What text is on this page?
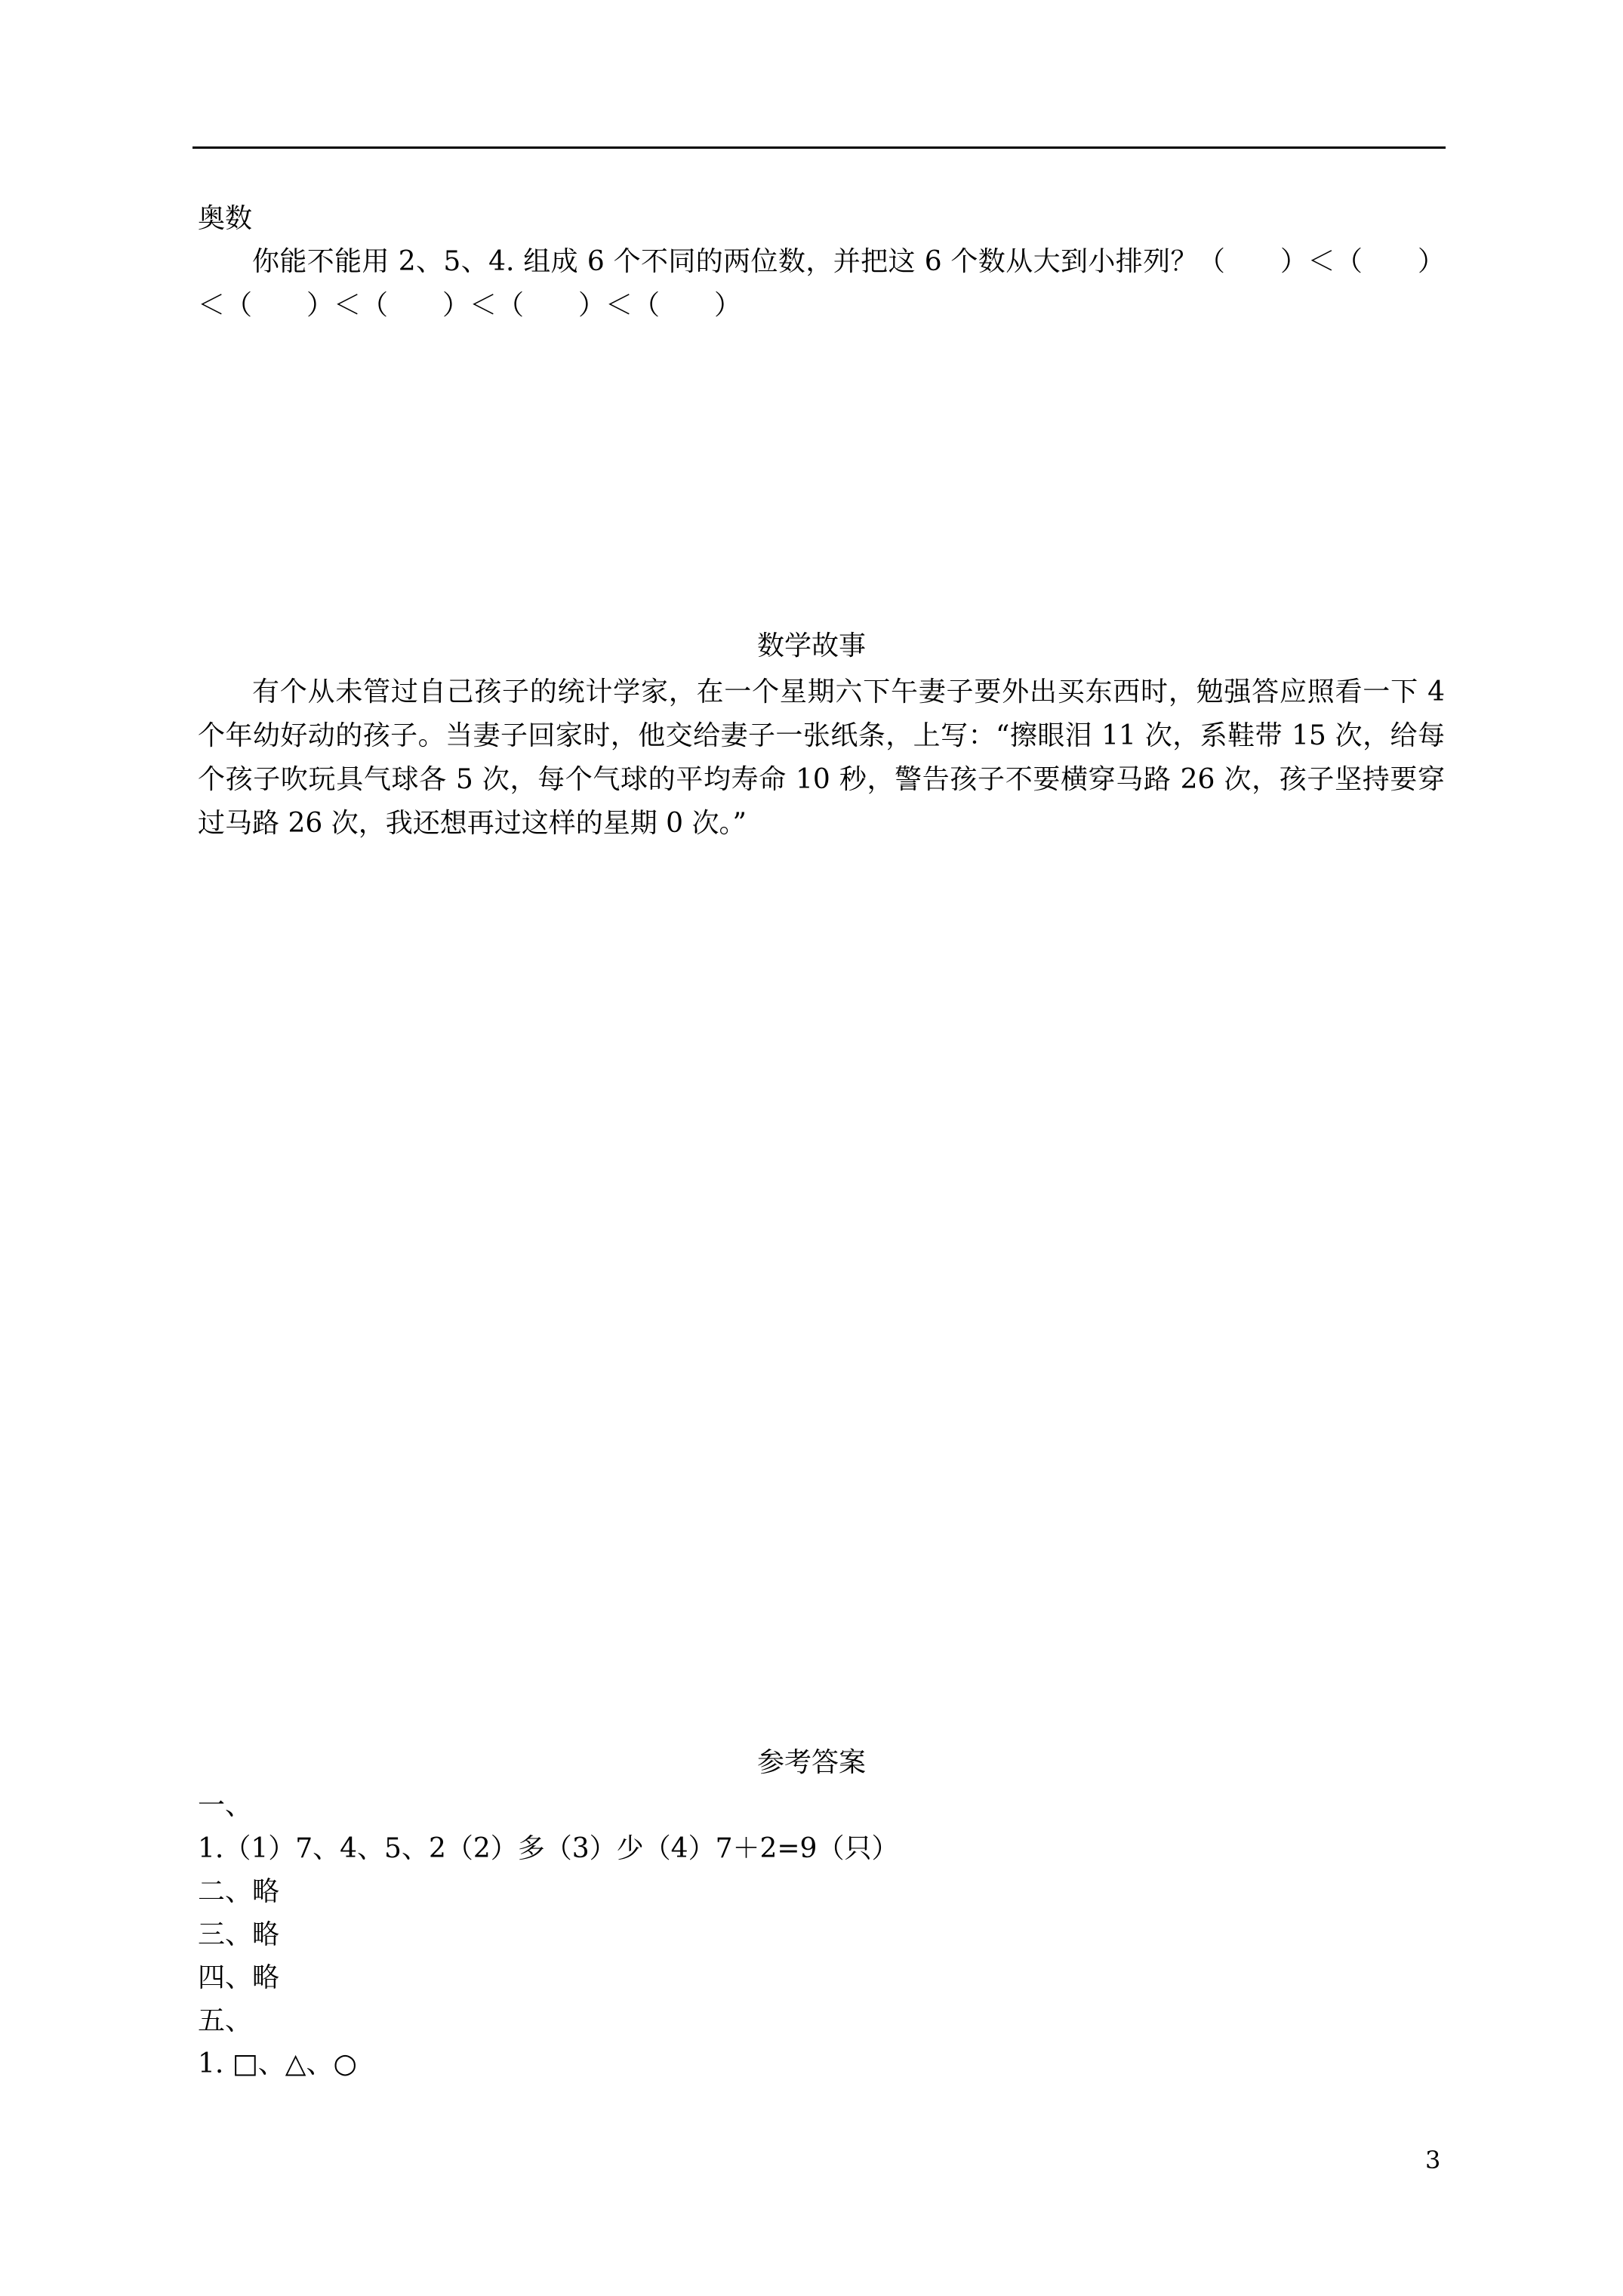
奥数
你能不能用 2、5、4. 组成 6 个不同的两位数，并把这 6 个数从大到小排列？（　　）＜（　　）＜（　　）＜（　　）＜（　　）＜（　　）
数学故事
有个从未管过自己孩子的统计学家，在一个星期六下午妻子要外出买东西时，勉强答应照看一下 4 个年幼好动的孩子。当妻子回家时，他交给妻子一张纸条，上写：“擦眼泪 11 次，系鞋带 15 次，给每个孩子吹玩具气球各 5 次，每个气球的平均寿命 10 秒，警告孩子不要横穿马路 26 次，孩子坚持要穿过马路 26 次，我还想再过这样的星期 0 次。”
参考答案
一、
1.（1）7、4、5、2（2）多（3）少（4）7＋2=9（只）
二、略
三、略
四、略
五、
1. □、△、○
3
